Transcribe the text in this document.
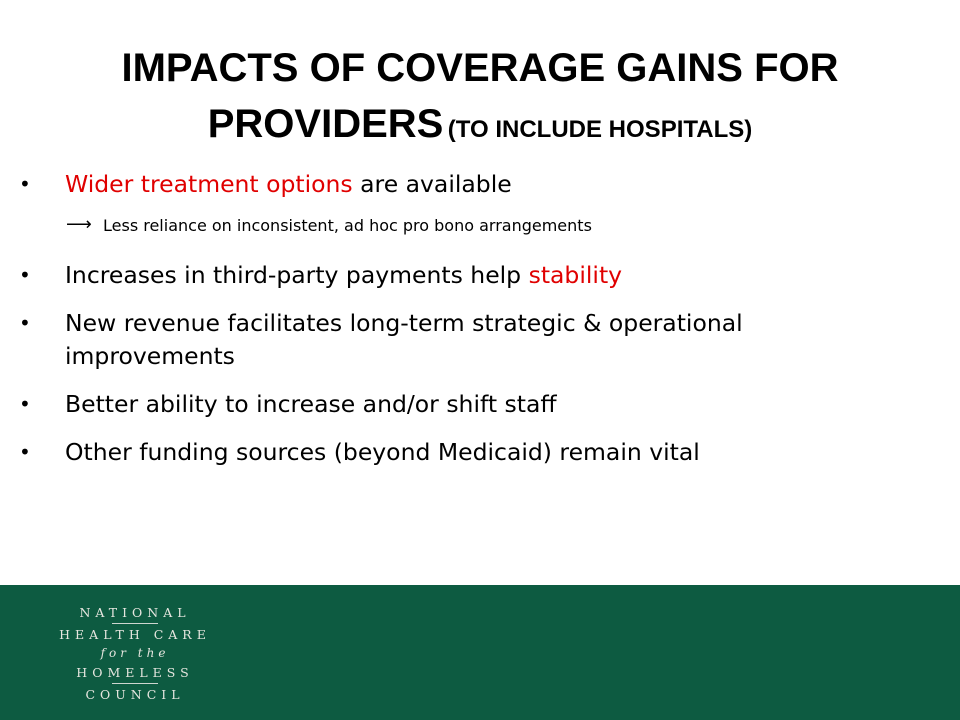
IMPACTS OF COVERAGE GAINS FOR
PROVIDERS (TO INCLUDE HOSPITALS)
• Wider treatment options are available
⟶ Less reliance on inconsistent, ad hoc pro bono arrangements
• Increases in third-party payments help stability
• New revenue facilitates long-term strategic & operational improvements
• Better ability to increase and/or shift staff
• Other funding sources (beyond Medicaid) remain vital
NATIONAL
HEALTH CARE
for the
HOMELESS
COUNCIL
